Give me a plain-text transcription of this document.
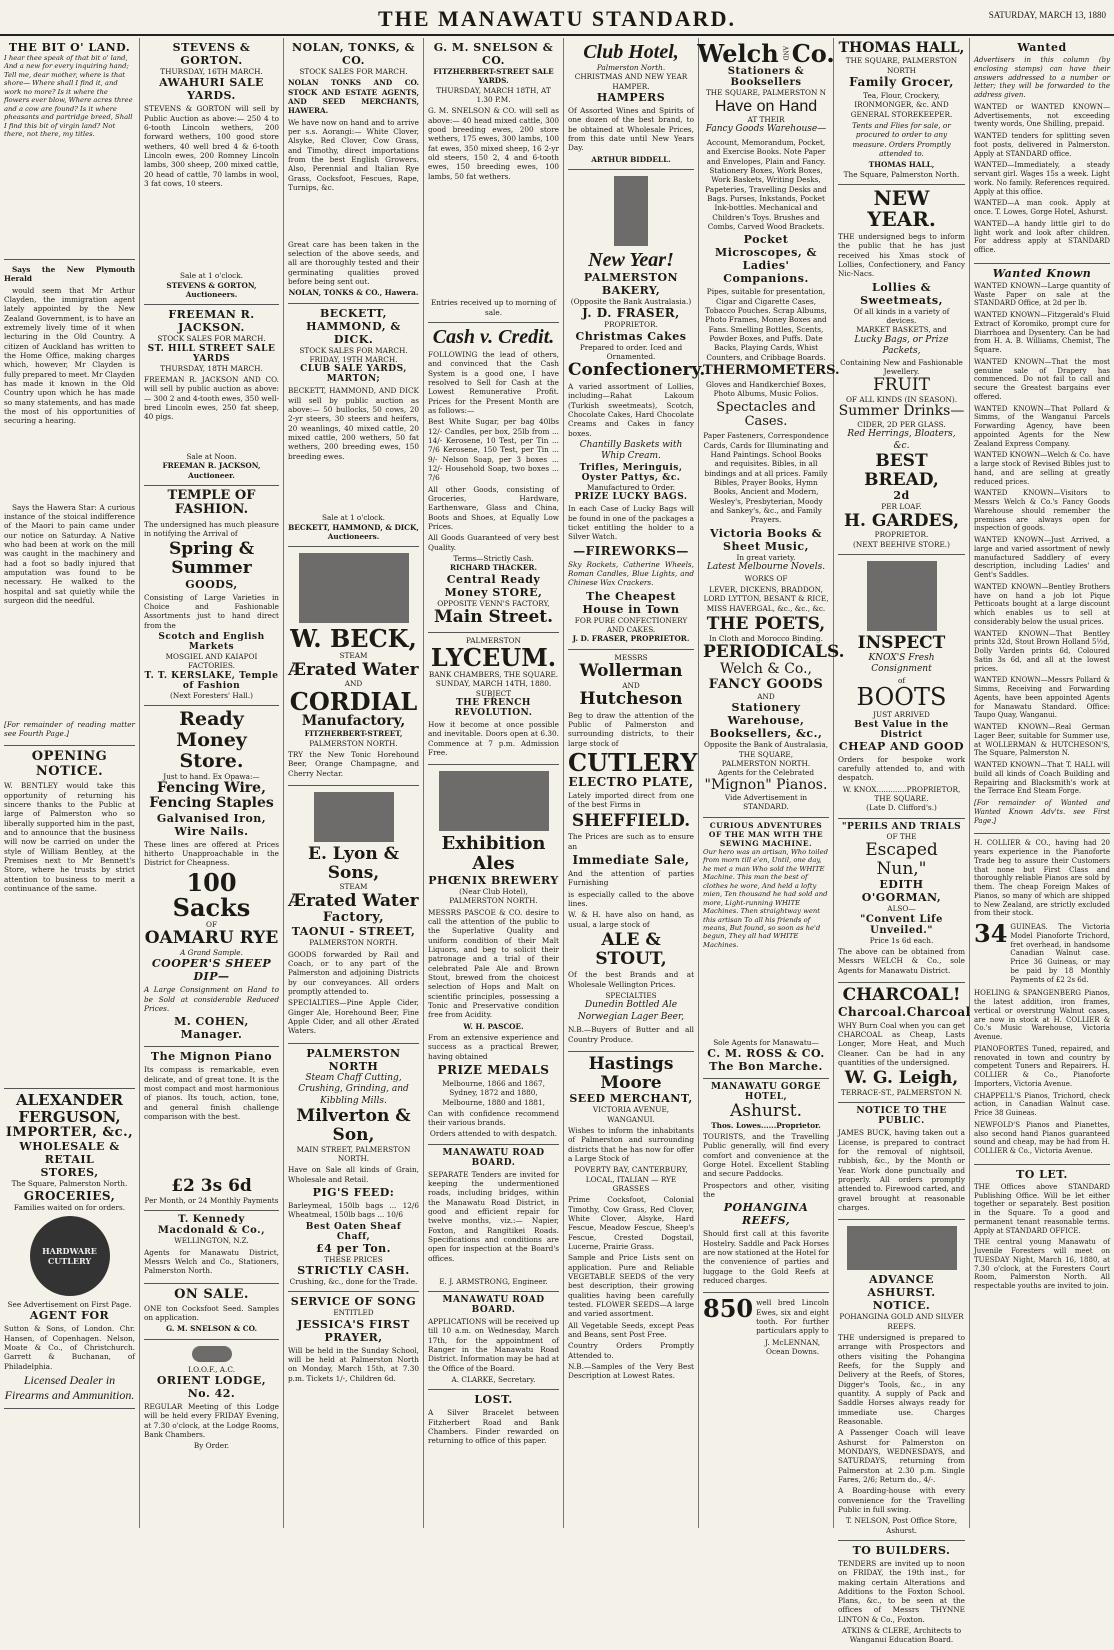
THE MANAWATU STANDARD.	SATURDAY, MARCH 13, 1880
THE BIT O' LAND.
I hear thee speak of that bit o' land, And a new for every inquiring hand; Tell me, dear mother, where is that shore— Where shall I find it, and work no more? Is it where the flowers ever blow, Where acres three and a cow are found? Is it where pheasants and partridge breed, Shall I find this bit of virgin land? Not there, not there, my titles.

Says the New Plymouth Herald

would seem that Mr Arthur Clayden, the immigration agent lately appointed by the New Zealand Government, is to have an extremely lively time of it when lecturing in the Old Country. A citizen of Auckland has written to the Home Office, making charges which, however, Mr Clayden is fully prepared to meet. Mr Clayden has made it known in the Old Country upon which he has made so many statements, and has made the most of his opportunities of securing a hearing.

Says the Hawera Star: A curious instance of the stoical indifference of the Maori to pain came under our notice on Saturday. A Native who had been at work on the mill was caught in the machinery and had a foot so badly injured that amputation was found to be necessary. He walked to the hospital and sat quietly while the surgeon did the needful.

[For remainder of reading matter see Fourth Page.]

OPENING NOTICE.

W. BENTLEY would take this opportunity of returning his sincere thanks to the Public at large of Palmerston who so liberally supported him in the past, and to announce that the business will now be carried on under the style of William Bentley, at the Premises next to Mr Bennett's Store, where he trusts by strict attention to business to merit a continuance of the same.

ALEXANDER FERGUSON,
IMPORTER, &c.,
WHOLESALE & RETAIL
STORES,
The Square, Palmerston North.
GROCERIES,
Families waited on for orders.
HARDWARE
CUTLERY
See Advertisement on First Page.
AGENT FOR

Sutton & Sons, of London. Chr. Hansen, of Copenhagen. Nelson, Moate & Co., of Christchurch. Garrett & Buchanan, of Philadelphia.

Licensed Dealer in Firearms and Ammunition.
STEVENS & GORTON.
THURSDAY, 16TH MARCH.
AWAHURI SALE YARDS.

STEVENS & GORTON will sell by Public Auction as above:— 250 4 to 6-tooth Lincoln wethers, 200 forward wethers, 100 good store wethers, 40 well bred 4 & 6-tooth Lincoln ewes, 200 Romney Lincoln lambs, 300 sheep, 200 mixed cattle, 20 head of cattle, 70 lambs in wool, 3 fat cows, 10 steers.

Sale at 1 o'clock.
STEVENS & GORTON, Auctioneers.
FREEMAN R. JACKSON.
STOCK SALES FOR MARCH.
ST. HILL STREET SALE YARDS
THURSDAY, 18TH MARCH.

FREEMAN R. JACKSON AND CO. will sell by public auction as above:— 300 2 and 4-tooth ewes, 350 well-bred Lincoln ewes, 250 fat sheep, 40 pigs.

Sale at Noon.
FREEMAN R. JACKSON, Auctioneer.
TEMPLE OF FASHION.

The undersigned has much pleasure in notifying the Arrival of

Spring & Summer
GOODS,

Consisting of Large Varieties in Choice and Fashionable Assortments just to hand direct from the

Scotch and English Markets
MOSGIEL AND KAIAPOI FACTORIES.
T. T. KERSLAKE, Temple of Fashion
(Next Foresters' Hall.)
Ready Money Store.
Just to hand. Ex Opawa:—
Fencing Wire, Fencing Staples
Galvanised Iron, Wire Nails.

These lines are offered at Prices hitherto Unapproachable in the District for Cheapness.

100 Sacks
OF
OAMARU RYE
A Grand Sample.
COOPER'S SHEEP DIP—

A Large Consignment on Hand to be Sold at considerable Reduced Prices.

M. COHEN, Manager.
The Mignon Piano

Its compass is remarkable, even delicate, and of great tone. It is the most compact and most harmonious of pianos. Its touch, action, tone, and general finish challenge comparison with the best.

£2 3s 6d
Per Month, or 24 Monthly Payments
T. Kennedy Macdonald & Co.,
WELLINGTON, N.Z.

Agents for Manawatu District, Messrs Welch and Co., Stationers, Palmerston North.

ON SALE.

ONE ton Cocksfoot Seed. Samples on application.

G. M. SNELSON & CO.
I.O.O.F., A.C.
ORIENT LODGE, No. 42.

REGULAR Meeting of this Lodge will be held every FRIDAY Evening, at 7.30 o'clock, at the Lodge Rooms, Bank Chambers.

By Order.
NOLAN, TONKS, & CO.
STOCK SALES FOR MARCH.

NOLAN TONKS AND CO. STOCK AND ESTATE AGENTS, AND SEED MERCHANTS, HAWERA.

We have now on hand and to arrive per s.s. Aorangi:— White Clover, Alsyke, Red Clover, Cow Grass, and Timothy, direct importations from the best English Growers. Also, Perennial and Italian Rye Grass, Cocksfoot, Fescues, Rape, Turnips, &c.

Great care has been taken in the selection of the above seeds, and all are thoroughly tested and their germinating qualities proved before being sent out.

NOLAN, TONKS & CO., Hawera.
BECKETT, HAMMOND, & DICK.
STOCK SALES FOR MARCH.
FRIDAY, 19TH MARCH.
CLUB SALE YARDS, MARTON;

BECKETT, HAMMOND, AND DICK will sell by public auction as above:— 50 bullocks, 50 cows, 20 2-yr steers, 30 steers and heifers, 20 weanlings, 40 mixed cattle, 20 mixed cattle, 200 wethers, 50 fat wethers, 200 breeding ewes, 150 breeding ewes.

Sale at 1 o'clock.
BECKETT, HAMMOND, & DICK, Auctioneers.
W. BECK,
STEAM
Ærated Water
AND
CORDIAL
Manufactory,
FITZHERBERT-STREET,
PALMERSTON NORTH.

TRY the New Tonic Horehound Beer, Orange Champagne, and Cherry Nectar.

E. Lyon & Sons,
STEAM
Ærated Water
Factory,
TAONUI - STREET,
PALMERSTON NORTH.

GOODS forwarded by Rail and Coach, or to any part of the Palmerston and adjoining Districts by our conveyances. All orders promptly attended to.

SPECIALTIES—Pine Apple Cider, Ginger Ale, Horehound Beer, Fine Apple Cider, and all other Ærated Waters.

PALMERSTON NORTH
Steam Chaff Cutting, Crushing, Grinding, and Kibbling Mills.
Milverton & Son,
MAIN STREET, PALMERSTON NORTH.

Have on Sale all kinds of Grain, Wholesale and Retail.

PIG'S FEED:

Barleymeal, 150lb bags ... 12/6 Wheatmeal, 150lb bags ... 10/6

Best Oaten Sheaf Chaff,
£4 per Ton.
THESE PRICES
STRICTLY CASH.
Crushing, &c., done for the Trade.
SERVICE OF SONG
ENTITLED
JESSICA'S FIRST PRAYER,

Will be held in the Sunday School, will be held at Palmerston North on Monday, March 15th, at 7.30 p.m. Tickets 1/-, Children 6d.

G. M. SNELSON & CO.
FITZHERBERT-STREET SALE YARDS.
THURSDAY, MARCH 18TH, AT 1.30 P.M.

G. M. SNELSON & CO. will sell as above:— 40 head mixed cattle, 300 good breeding ewes, 200 store wethers, 175 ewes, 300 lambs, 100 fat ewes, 350 mixed sheep, 16 2-yr old steers, 150 2, 4 and 6-tooth ewes, 150 breeding ewes, 100 lambs, 50 fat wethers.

Entries received up to morning of sale.
Cash v. Credit.

FOLLOWING the lead of others, and convinced that the Cash System is a good one, I have resolved to Sell for Cash at the Lowest Remunerative Profit. Prices for the Present Month are as follows:—

Best White Sugar, per bag 40lbs 12/- Candles, per box, 25lb from ... 14/- Kerosene, 10 Test, per Tin ... 7/6 Kerosene, 150 Test, per Tin ... 9/- Nelson Soap, per 3 boxes ... 12/- Household Soap, two boxes ... 7/6

All other Goods, consisting of Groceries, Hardware, Earthenware, Glass and China, Boots and Shoes, at Equally Low Prices.

All Goods Guaranteed of very best Quality.

Terms—Strictly Cash.
RICHARD THACKER.
Central Ready Money STORE,
OPPOSITE VENN'S FACTORY,
Main Street.
PALMERSTON
LYCEUM.
BANK CHAMBERS, THE SQUARE.
SUNDAY, MARCH 14TH, 1880.
SUBJECT
THE FRENCH REVOLUTION.

How it become at once possible and inevitable. Doors open at 6.30. Commence at 7 p.m. Admission Free.

Exhibition Ales
PHŒNIX BREWERY
(Near Club Hotel),
PALMERSTON NORTH.

MESSRS PASCOE & CO. desire to call the attention of the public to the Superlative Quality and uniform condition of their Malt Liquors, and beg to solicit their patronage and a trial of their celebrated Pale Ale and Brown Stout, brewed from the choicest selection of Hops and Malt on scientific principles, possessing a Tonic and Preservative condition free from Acidity.

W. H. PASCOE.

From an extensive experience and success as a practical Brewer, having obtained

PRIZE MEDALS

Melbourne, 1866 and 1867, Sydney, 1872 and 1880, Melbourne, 1880 and 1881,

Can with confidence recommend their various brands.

Orders attended to with despatch.
MANAWATU ROAD BOARD.

SEPARATE Tenders are invited for keeping the undermentioned roads, including bridges, within the Manawatu Road District, in good and efficient repair for twelve months, viz.:— Napier, Foxton, and Rangitikei Roads. Specifications and conditions are open for inspection at the Board's offices.

E. J. ARMSTRONG, Engineer.
MANAWATU ROAD BOARD.

APPLICATIONS will be received up till 10 a.m. on Wednesday, March 17th, for the appointment of Ranger in the Manawatu Road District. Information may be had at the Office of the Board.

A. CLARKE, Secretary.
LOST.

A Silver Bracelet between Fitzherbert Road and Bank Chambers. Finder rewarded on returning to office of this paper.

Club Hotel,
Palmerston North.
CHRISTMAS AND NEW YEAR HAMPER.
HAMPERS

Of Assorted Wines and Spirits of one dozen of the best brand, to be obtained at Wholesale Prices, from this date until New Years Day.

ARTHUR BIDDELL.
New Year!
PALMERSTON BAKERY,
(Opposite the Bank Australasia.)
J. D. FRASER,
PROPRIETOR.
Christmas Cakes
Prepared to order. Iced and Ornamented.
Confectionery.

A varied assortment of Lollies, including—Rahat Lakoum (Turkish sweetmeats), Scotch, Chocolate Cakes, Hard Chocolate Creams and Cakes in fancy boxes.

Chantilly Baskets with Whip Cream.
Trifles, Meringuis, Oyster Pattys, &c.
Manufactured to Order.
PRIZE LUCKY BAGS.

In each Case of Lucky Bags will be found in one of the packages a ticket entitling the holder to a Silver Watch.

—FIREWORKS—

Sky Rockets, Catherine Wheels, Roman Candles, Blue Lights, and Chinese Wax Crackers.

The Cheapest House in Town
FOR PURE CONFECTIONERY AND CAKES.
J. D. FRASER, PROPRIETOR.
MESSRS
Wollerman
AND
Hutcheson

Beg to draw the attention of the Public of Palmerston and surrounding districts, to their large stock of

CUTLERY
ELECTRO PLATE,

Lately imported direct from one of the best Firms in

SHEFFIELD.

The Prices are such as to ensure an

Immediate Sale,

And the attention of parties Furnishing

is especially called to the above lines.

W. & H. have also on hand, as usual, a large stock of

ALE & STOUT,

Of the best Brands and at Wholesale Wellington Prices.

SPECIALTIES
Dunedin Bottled Ale
Norwegian Lager Beer,

N.B.—Buyers of Butter and all Country Produce.

Hastings Moore
SEED MERCHANT,
VICTORIA AVENUE, WANGANUI.

Wishes to inform the inhabitants of Palmerston and surrounding districts that he has now for offer a Large Stock of

POVERTY BAY, CANTERBURY, LOCAL, ITALIAN — RYE GRASSES

Prime Cocksfoot, Colonial Timothy, Cow Grass, Red Clover, White Clover, Alsyke, Hard Fescue, Meadow Fescue, Sheep's Fescue, Crested Dogstail, Lucerne, Prairie Grass.

Sample and Price Lists sent on application. Pure and Reliable VEGETABLE SEEDS of the very best description, their growing qualities having been carefully tested. FLOWER SEEDS—A large and varied assortment.

All Vegetable Seeds, except Peas and Beans, sent Post Free.

Country Orders Promptly Attended to.

N.B.—Samples of the Very Best Description at Lowest Rates.

Welch AND Co.
Stationers & Booksellers
THE SQUARE, PALMERSTON N
Have on Hand
AT THEIR
Fancy Goods Warehouse—

Account, Memorandum, Pocket, and Exercise Books. Note Paper and Envelopes, Plain and Fancy. Stationery Boxes, Work Boxes, Work Baskets, Writing Desks, Papeteries, Travelling Desks and Bags. Purses, Inkstands, Pocket Ink-bottles. Mechanical and Children's Toys. Brushes and Combs, Carved Wood Brackets.

Pocket Microscopes, & Ladies' Companions.

Pipes, suitable for presentation, Cigar and Cigarette Cases, Tobacco Pouches. Scrap Albums, Photo Frames, Money Boxes and Fans. Smelling Bottles, Scents, Powder Boxes, and Puffs. Date Backs, Playing Cards, Whist Counters, and Cribbage Boards.

THERMOMETERS.

Gloves and Handkerchief Boxes, Photo Albums, Music Folios.

Spectacles and Cases.

Paper Fasteners, Correspondence Cards, Cards for Illuminating and Hand Paintings. School Books and requisites. Bibles, in all bindings and at all prices. Family Bibles, Prayer Books, Hymn Books, Ancient and Modern, Wesley's, Presbyterian, Moody and Sankey's, &c., and Family Prayers.

Victoria Books & Sheet Music,
In great variety.
Latest Melbourne Novels.
WORKS OF

LEVER, DICKENS, BRADDON, LORD LYTTON, BESANT & RICE, MISS HAVERGAL, &c., &c., &c.

THE POETS,
In Cloth and Morocco Binding.
PERIODICALS.
Welch & Co.,
FANCY GOODS
AND
Stationery Warehouse,
Booksellers, &c.,
Opposite the Bank of Australasia,
THE SQUARE,
PALMERSTON NORTH.
Agents for the Celebrated
"Mignon" Pianos.
Vide Advertisement in STANDARD.
CURIOUS ADVENTURES OF THE MAN WITH THE SEWING MACHINE.
Our hero was an artisan, Who toiled from morn till e'en, Until, one day, he met a man Who sold the WHITE Machine. This man the best of clothes he wore, And held a lofty mien, Ten thousand he had sold and more, Light-running WHITE Machines. Then straightway went this artisan To all his friends of means, But found, so soon as he'd begun, They all had WHITE Machines.
Sole Agents for Manawatu—
C. M. ROSS & CO.
The Bon Marche.
MANAWATU GORGE HOTEL,
Ashurst.
Thos. Lowes......Proprietor.

TOURISTS, and the Travelling Public generally, will find every comfort and convenience at the Gorge Hotel. Excellent Stabling and secure Paddocks.

Prospectors and other, visiting the

POHANGINA REEFS,

Should first call at this favorite Hostelry. Saddle and Pack Horses are now stationed at the Hotel for the convenience of parties and luggage to the Gold Reefs at reduced charges.

850 well bred Lincoln Ewes, six and eight tooth. For further particulars apply to

J. McLENNAN, Ocean Downs.
THOMAS HALL,
THE SQUARE, PALMERSTON NORTH
Family Grocer,

Tea, Flour, Crockery, IRONMONGER, &c. AND GENERAL STOREKEEPER.

Tents and Flies for sale, or procured to order to any measure. Orders Promptly attended to.

THOMAS HALL,
The Square, Palmerston North.
NEW YEAR.

THE undersigned begs to inform the public that he has just received his Xmas stock of Lollies, Confectionery, and Fancy Nic-Nacs.

Lollies & Sweetmeats,
Of all kinds in a variety of devices.
MARKET BASKETS, and
Lucky Bags, or Prize Packets,
Containing New and Fashionable Jewellery.
FRUIT
OF ALL KINDS (IN SEASON).
Summer Drinks—
CIDER, 2D PER GLASS.
Red Herrings, Bloaters, &c.
BEST BREAD,
2d
PER LOAF.
H. GARDES,
PROPRIETOR.
(NEXT BEEHIVE STORE.)
INSPECT
KNOX'S Fresh Consignment
of
BOOTS
JUST ARRIVED
Best Value in the District
CHEAP AND GOOD

Orders for bespoke work carefully attended to, and with despatch.

W. KNOX.............PROPRIETOR,
THE SQUARE.
(Late D. Clifford's.)
"PERILS AND TRIALS
OF THE
Escaped Nun,"
EDITH O'GORMAN,
ALSO—
"Convent Life Unveiled."
Price 1s 6d each.

The above can be obtained from Messrs WELCH & Co., sole Agents for Manawatu District.

CHARCOAL!
Charcoal. Charcoal

WHY Burn Coal when you can get CHARCOAL as Cheap, Lasts Longer, More Heat, and Much Cleaner. Can be had in any quantities of the undersigned.

W. G. Leigh,
TERRACE-ST., PALMERSTON N.
NOTICE TO THE PUBLIC.

JAMES BUCK, having taken out a License, is prepared to contract for the removal of nightsoil, rubbish, &c., by the Month or Year. Work done punctually and properly. All orders promptly attended to. Firewood carted, and gravel brought at reasonable charges.

ADVANCE ASHURST.
NOTICE.
POHANGINA GOLD AND SILVER REEFS.

THE undersigned is prepared to arrange with Prospectors and others visiting the Pohangina Reefs, for the Supply and Delivery at the Reefs, of Stores, Digger's Tools, &c., in any quantity. A supply of Pack and Saddle Horses always ready for immediate use. Charges Reasonable.

A Passenger Coach will leave Ashurst for Palmerston on MONDAYS, WEDNESDAYS, and SATURDAYS, returning from Palmerston at 2.30 p.m. Single Fares, 2/6; Return do., 4/-.

A Boarding-house with every convenience for the Travelling Public in full swing.

T. NELSON, Post Office Store, Ashurst.
TO BUILDERS.

TENDERS are invited up to noon on FRIDAY, the 19th inst., for making certain Alterations and Additions to the Foxton School. Plans, &c., to be seen at the offices of Messrs THYNNE LINTON & Co., Foxton.

ATKINS & CLERE, Architects to Wanganui Education Board.
Wanted

Advertisers in this column (by enclosing stamps) can have their answers addressed to a number or letter; they will be forwarded to the address given.

WANTED or WANTED KNOWN— Advertisements, not exceeding twenty words, One Shilling, prepaid.

WANTED tenders for splitting seven foot posts, delivered in Palmerston. Apply at STANDARD office.

WANTED—Immediately, a steady servant girl. Wages 15s a week. Light work. No family. References required. Apply at this office.

WANTED—A man cook. Apply at once. T. Lowes, Gorge Hotel, Ashurst.

WANTED—A handy little girl to do light work and look after children. For address apply at STANDARD office.

Wanted Known

WANTED KNOWN—Large quantity of Waste Paper on sale at the STANDARD Office, at 2d per lb.

WANTED KNOWN—Fitzgerald's Fluid Extract of Koromiko, prompt cure for Diarrhoea and Dysentery. Can be had from H. A. B. Williams, Chemist, The Square.

WANTED KNOWN—That the most genuine sale of Drapery has commenced. Do not fail to call and secure the Greatest bargains ever offered.

WANTED KNOWN—That Pollard & Simms, of the Wanganui Parcels Forwarding Agency, have been appointed Agents for the New Zealand Express Company.

WANTED KNOWN—Welch & Co. have a large stock of Revised Bibles just to hand, and are selling at greatly reduced prices.

WANTED KNOWN—Visitors to Messrs Welch & Co.'s Fancy Goods Warehouse should remember the premises are always open for inspection of goods.

WANTED KNOWN—Just Arrived, a large and varied assortment of newly manufactured Saddlery of every description, including Ladies' and Gent's Saddles.

WANTED KNOWN—Bentley Brothers have on hand a job lot Pique Petticoats bought at a large discount which enables us to sell at considerably below the usual prices.

WANTED KNOWN—That Bentley prints 32d, Stout Brown Holland 5½d, Dolly Varden prints 6d, Coloured Satin 3s 6d, and all at the lowest prices.

WANTED KNOWN—Messrs Pollard & Simms, Receiving and Forwarding Agents, have been appointed Agents for Manawatu Standard. Office: Taupo Quay, Wanganui.

WANTED KNOWN—Real German Lager Beer, suitable for Summer use, at WOLLERMAN & HUTCHESON'S, The Square, Palmerston N.

WANTED KNOWN—That T. HALL will build all kinds of Coach Building and Repairing and Blacksmith's work at the Terrace End Steam Forge.

[For remainder of Wanted and Wanted Known Adv'ts. see First Page.]

H. COLLIER & CO., having had 20 years experience in the Pianoforte Trade beg to assure their Customers that none but First Class and thoroughly reliable Pianos are sold by them. The cheap Foreign Makes of Pianos, so many of which are shipped to New Zealand, are strictly excluded from their stock.

34 GUINEAS. The Victoria Model Pianoforte Trichord, fret overhead, in handsome Canadian Walnut case. Price 36 Guineas, or may be paid by 18 Monthly Payments of £2 2s 6d.

HOELING & SPANGENBERG Pianos, the latest addition, iron frames, vertical or overstrung Walnut cases, are now in stock at H. COLLIER & Co.'s Music Warehouse, Victoria Avenue.

PIANOFORTES Tuned, repaired, and renovated in town and country by competent Tuners and Repairers. H. COLLIER & Co., Pianoforte Importers, Victoria Avenue.

CHAPPELL'S Pianos, Trichord, check action, in Canadian Walnut case. Price 38 Guineas.

NEWFOLD'S Pianos and Pianettes, also second hand Pianos guaranteed sound and cheap, may be had from H. COLLIER & Co., Victoria Avenue.

TO LET.

THE Offices above STANDARD Publishing Office. Will be let either together or separately. Best position in the Square. To a good and permanent tenant reasonable terms. Apply at STANDARD OFFICE.

THE central young Manawatu of Juvenile Foresters will meet on TUESDAY Night, March 16, 1880, at 7.30 o'clock, at the Foresters Court Room, Palmerston North. All respectable youths are invited to join.
